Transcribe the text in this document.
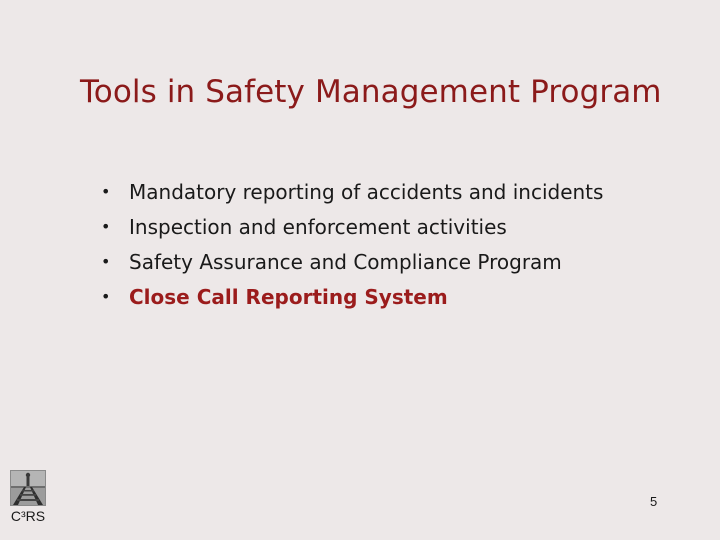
Tools in Safety Management Program
• Mandatory reporting of accidents and incidents
• Inspection and enforcement activities
• Safety Assurance and Compliance Program
• Close Call Reporting System
C³RS
5
